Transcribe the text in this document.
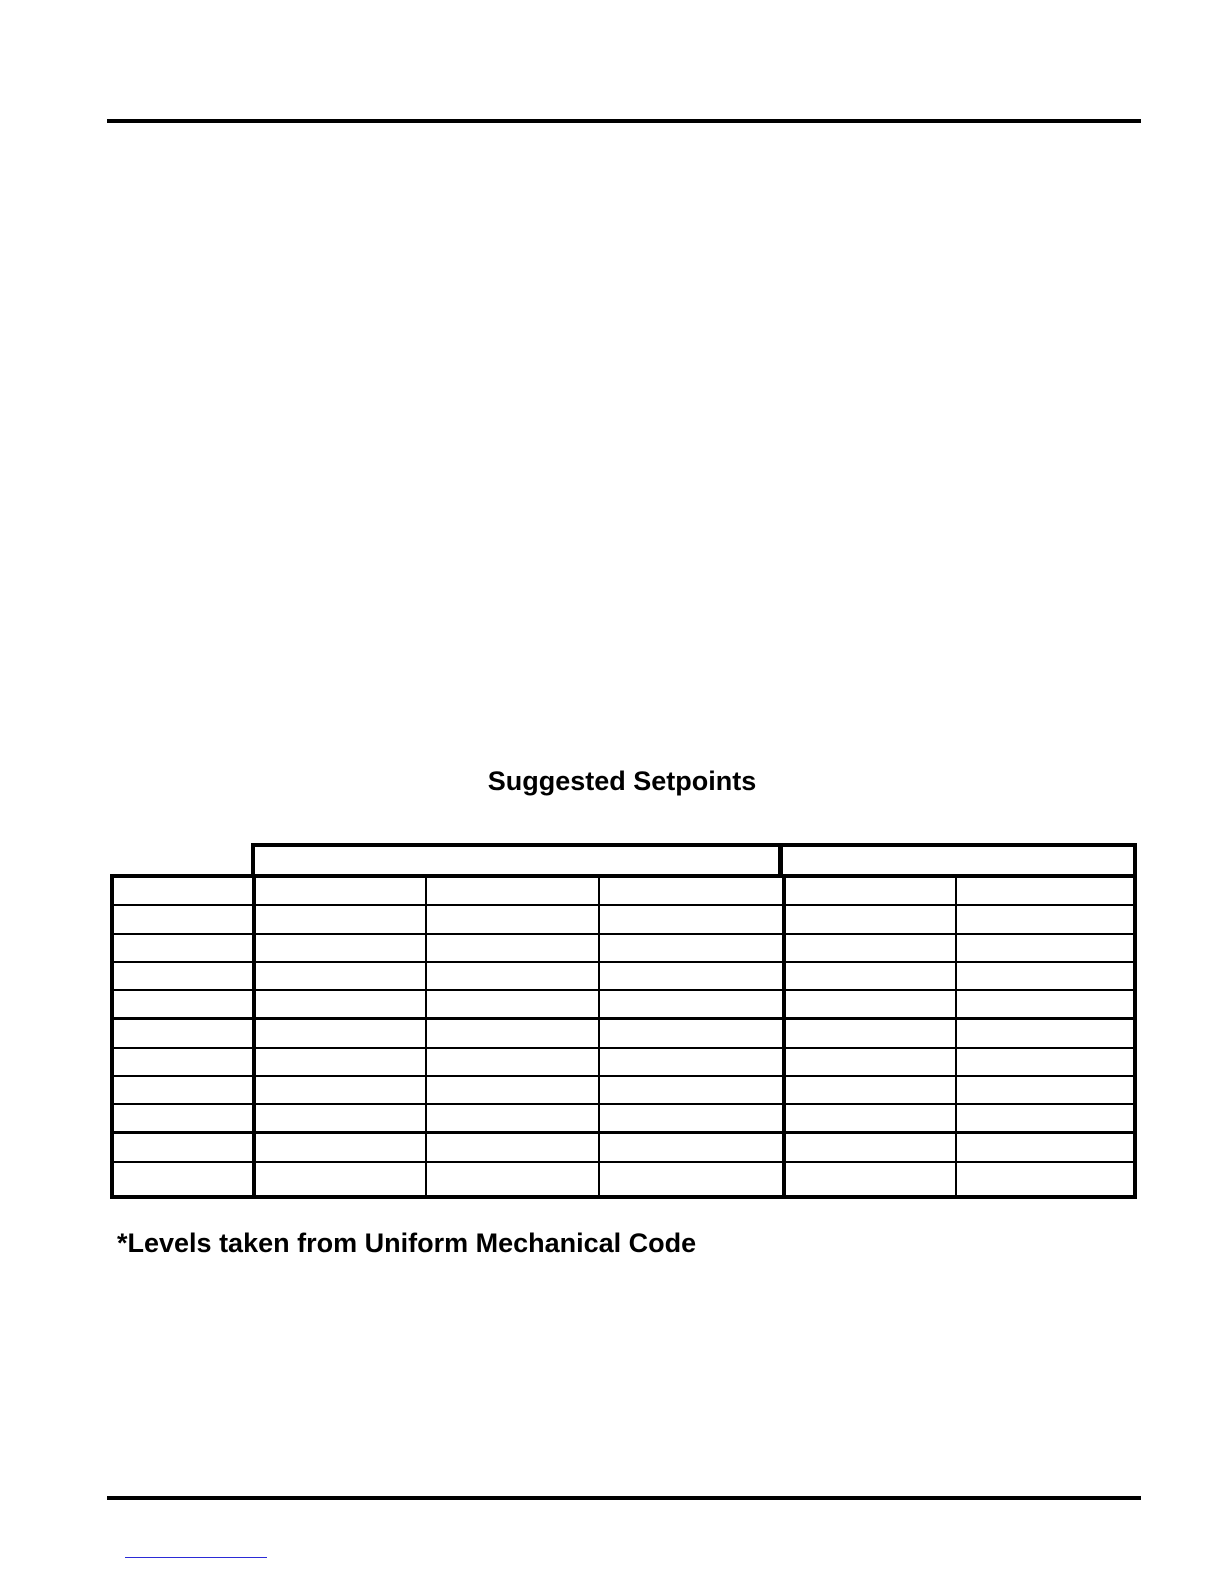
Suggested Setpoints

*Levels taken from Uniform Mechanical Code
